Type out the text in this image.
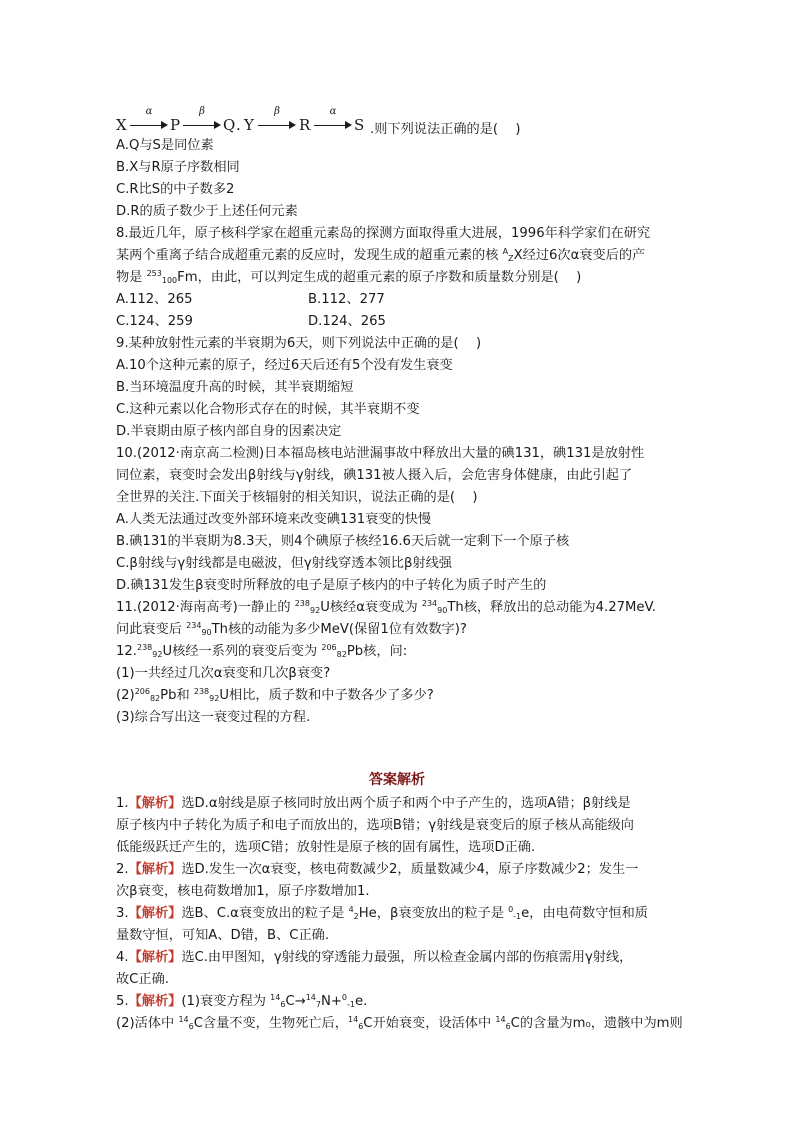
X
α
P
β
Q . Y
β
R
α
S .则下列说法正确的是(　 )
A.Q与S是同位素
B.X与R原子序数相同
C.R比S的中子数多2
D.R的质子数少于上述任何元素
8.最近几年，原子核科学家在超重元素岛的探测方面取得重大进展，1996年科学家们在研究
某两个重离子结合成超重元素的反应时，发现生成的超重元素的核 $^A_Z$X经过6次α衰变后的产
物是 $^{253}_{100}$Fm，由此，可以判定生成的超重元素的原子序数和质量数分别是(　 )
A.112、265	B.112、277
C.124、259	D.124、265
9.某种放射性元素的半衰期为6天，则下列说法中正确的是(　 )
A.10个这种元素的原子，经过6天后还有5个没有发生衰变
B.当环境温度升高的时候，其半衰期缩短
C.这种元素以化合物形式存在的时候，其半衰期不变
D.半衰期由原子核内部自身的因素决定
10.(2012·南京高二检测)日本福岛核电站泄漏事故中释放出大量的碘131，碘131是放射性
同位素，衰变时会发出β射线与γ射线，碘131被人摄入后，会危害身体健康，由此引起了
全世界的关注.下面关于核辐射的相关知识，说法正确的是(　 )
A.人类无法通过改变外部环境来改变碘131衰变的快慢
B.碘131的半衰期为8.3天，则4个碘原子核经16.6天后就一定剩下一个原子核
C.β射线与γ射线都是电磁波，但γ射线穿透本领比β射线强
D.碘131发生β衰变时所释放的电子是原子核内的中子转化为质子时产生的
11.(2012·海南高考)一静止的 $^{238}_{92}$U核经α衰变成为 $^{234}_{90}$Th核，释放出的总动能为4.27MeV.
问此衰变后 $^{234}_{90}$Th核的动能为多少MeV(保留1位有效数字)?
12.$^{238}_{92}$U核经一系列的衰变后变为 $^{206}_{82}$Pb核，问:
(1)一共经过几次α衰变和几次β衰变?
$(2)^{206}_{82}Pb$和 $^{238}_{92}$U相比，质子数和中子数各少了多少?
(3)综合写出这一衰变过程的方程.
答案解析
1.【解析】选D.α射线是原子核同时放出两个质子和两个中子产生的，选项A错；β射线是
原子核内中子转化为质子和电子而放出的，选项B错；γ射线是衰变后的原子核从高能级向
低能级跃迁产生的，选项C错；放射性是原子核的固有属性，选项D正确.
2.【解析】选D.发生一次α衰变，核电荷数减少2，质量数减少4，原子序数减少2；发生一
次β衰变，核电荷数增加1，原子序数增加1.
3.【解析】选B、C.α衰变放出的粒子是 $^4_2$He，β衰变放出的粒子是 $^0_{-1}$e，由电荷数守恒和质
量数守恒，可知A、D错，B、C正确.
4.【解析】选C.由甲图知，γ射线的穿透能力最强，所以检查金属内部的伤痕需用γ射线，
故C正确.
5.【解析】(1)衰变方程为 $^{14}_6$C→$^{14}_7$N+$^0_{-1}$e.
(2)活体中 $^{14}_6$C含量不变，生物死亡后，$^{14}_6$C开始衰变，设活体中 $^{14}_6$C的含量为m₀，遗骸中为m则
